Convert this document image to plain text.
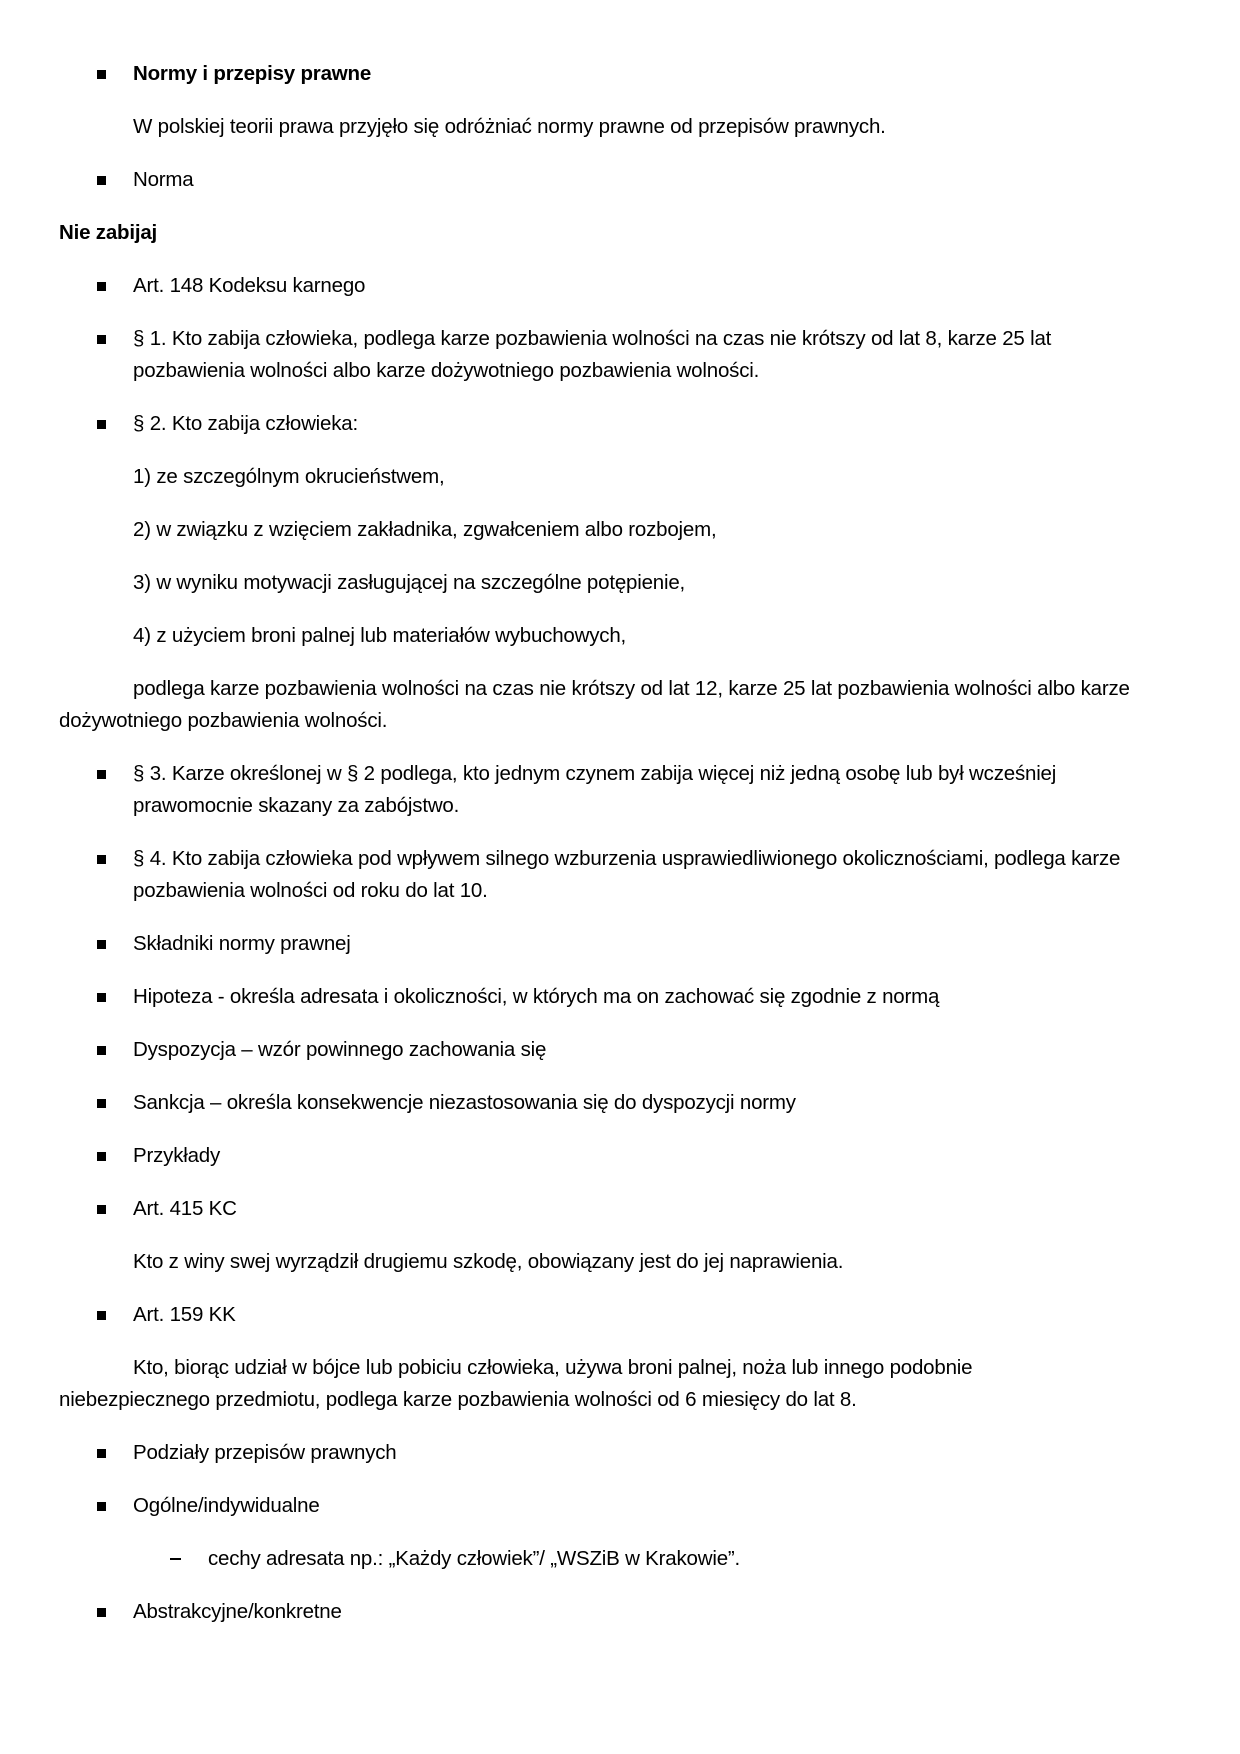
Normy i przepisy prawne
W polskiej teorii prawa przyjęło się odróżniać normy prawne od przepisów prawnych.
Norma
Nie zabijaj
Art. 148 Kodeksu karnego
§ 1. Kto zabija człowieka, podlega karze pozbawienia wolności na czas nie krótszy od lat 8, karze 25 lat
pozbawienia wolności albo karze dożywotniego pozbawienia wolności.
§ 2. Kto zabija człowieka:
1) ze szczególnym okrucieństwem,
2) w związku z wzięciem zakładnika, zgwałceniem albo rozbojem,
3) w wyniku motywacji zasługującej na szczególne potępienie,
4) z użyciem broni palnej lub materiałów wybuchowych,
podlega karze pozbawienia wolności na czas nie krótszy od lat 12, karze 25 lat pozbawienia wolności albo karze
dożywotniego pozbawienia wolności.
§ 3. Karze określonej w § 2 podlega, kto jednym czynem zabija więcej niż jedną osobę lub był wcześniej
prawomocnie skazany za zabójstwo.
§ 4. Kto zabija człowieka pod wpływem silnego wzburzenia usprawiedliwionego okolicznościami, podlega karze
pozbawienia wolności od roku do lat 10.
Składniki normy prawnej
Hipoteza - określa adresata i okoliczności, w których ma on zachować się zgodnie z normą
Dyspozycja – wzór powinnego zachowania się
Sankcja – określa konsekwencje niezastosowania się do dyspozycji normy
Przykłady
Art. 415 KC
Kto z winy swej wyrządził drugiemu szkodę, obowiązany jest do jej naprawienia.
Art. 159 KK
Kto, biorąc udział w bójce lub pobiciu człowieka, używa broni palnej, noża lub innego podobnie
niebezpiecznego przedmiotu, podlega karze pozbawienia wolności od 6 miesięcy do lat 8.
Podziały przepisów prawnych
Ogólne/indywidualne
cechy adresata np.: „Każdy człowiek”/ „WSZiB w Krakowie”.
Abstrakcyjne/konkretne
